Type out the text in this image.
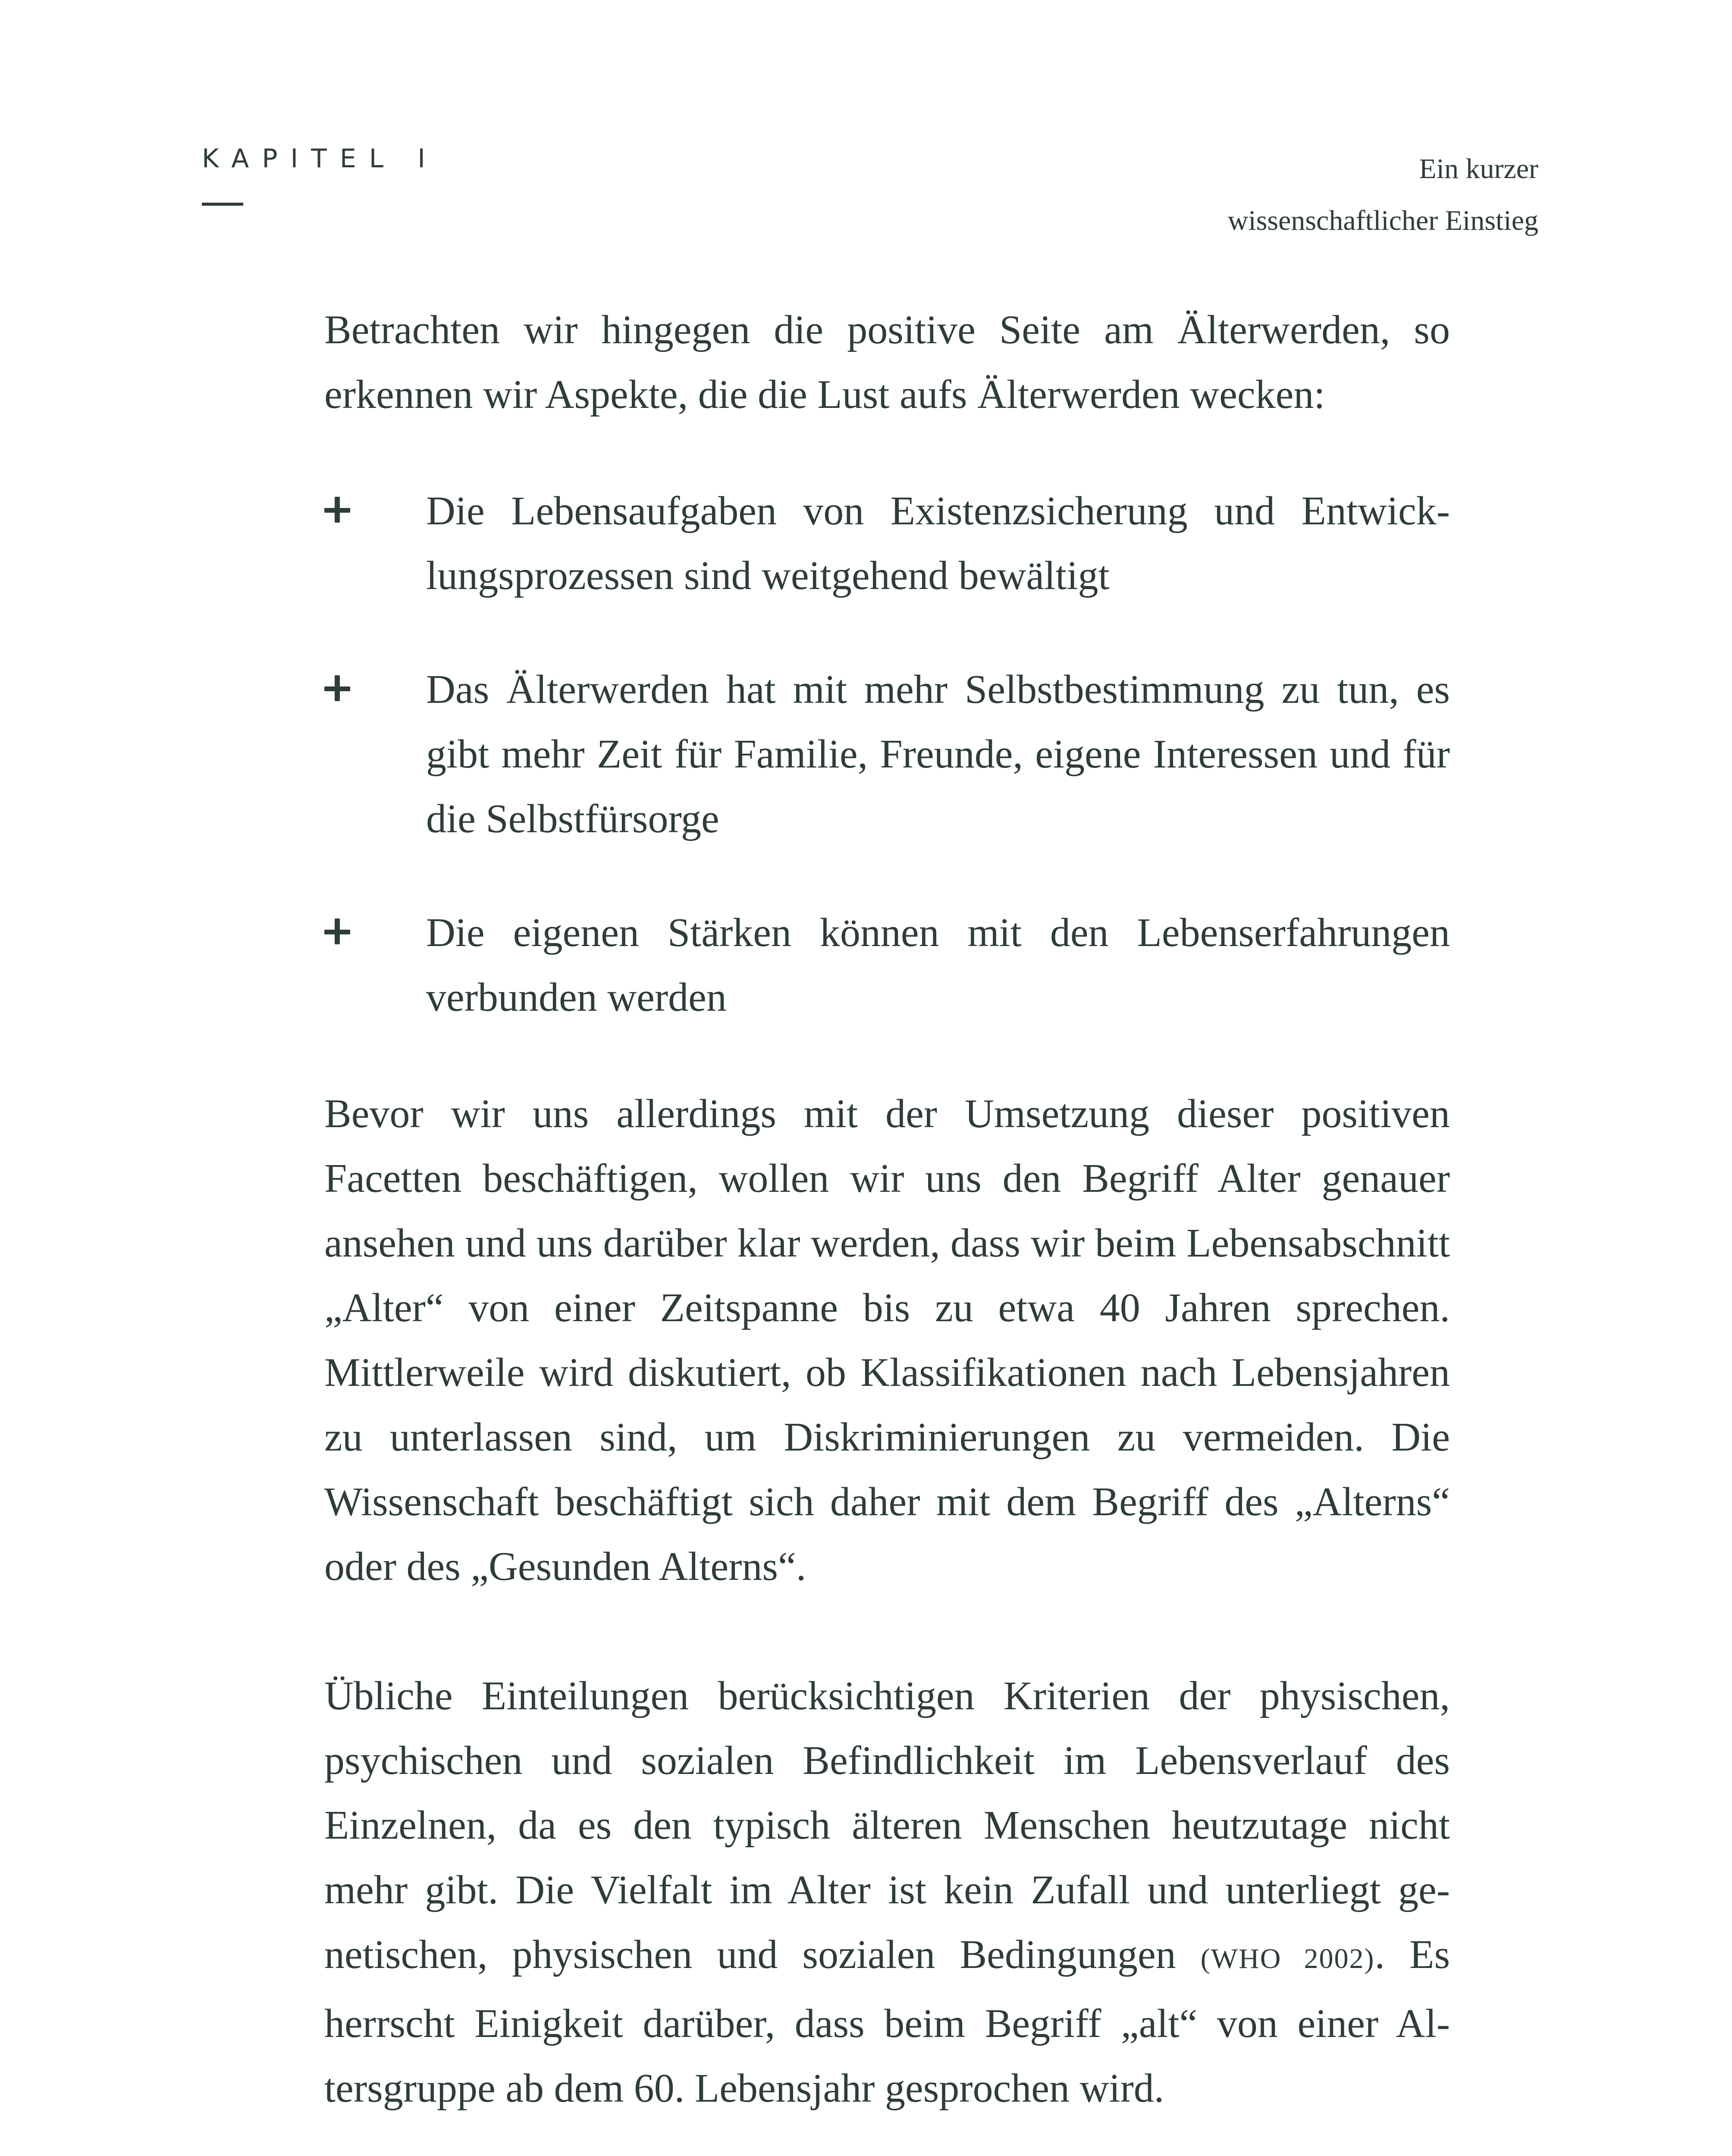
KAPITEL I	Ein kurzer
wissenschaftlicher Einstieg

Betrachten wir hingegen die positive Seite am Älterwerden, so erkennen wir Aspekte, die die Lust aufs Älterwerden wecken:

Die Lebensaufgaben von Existenzsicherung und Entwicklungsprozessen sind weitgehend bewältigt
Das Älterwerden hat mit mehr Selbstbestimmung zu tun, es gibt mehr Zeit für Familie, Freunde, eigene Interessen und für die Selbstfürsorge
Die eigenen Stärken können mit den Lebenserfahrungen verbunden werden

Bevor wir uns allerdings mit der Umsetzung dieser positiven Facetten beschäftigen, wollen wir uns den Begriff Alter genauer ansehen und uns darüber klar werden, dass wir beim Lebensabschnitt „Alter“ von einer Zeitspanne bis zu etwa 40 Jahren sprechen. Mittlerweile wird diskutiert, ob Klassifikationen nach Lebensjahren zu unterlassen sind, um Diskriminierungen zu vermeiden. Die Wissenschaft beschäftigt sich daher mit dem Begriff des „Alterns“ oder des „Gesunden Alterns“.

Übliche Einteilungen berücksichtigen Kriterien der physischen, psychischen und sozialen Befindlichkeit im Lebensverlauf des Einzelnen, da es den typisch älteren Menschen heutzutage nicht mehr gibt. Die Vielfalt im Alter ist kein Zufall und unterliegt genetischen, physischen und sozialen Bedingungen (WHO 2002). Es herrscht Einigkeit darüber, dass beim Begriff „alt“ von einer Altersgruppe ab dem 60. Lebensjahr gesprochen wird.
